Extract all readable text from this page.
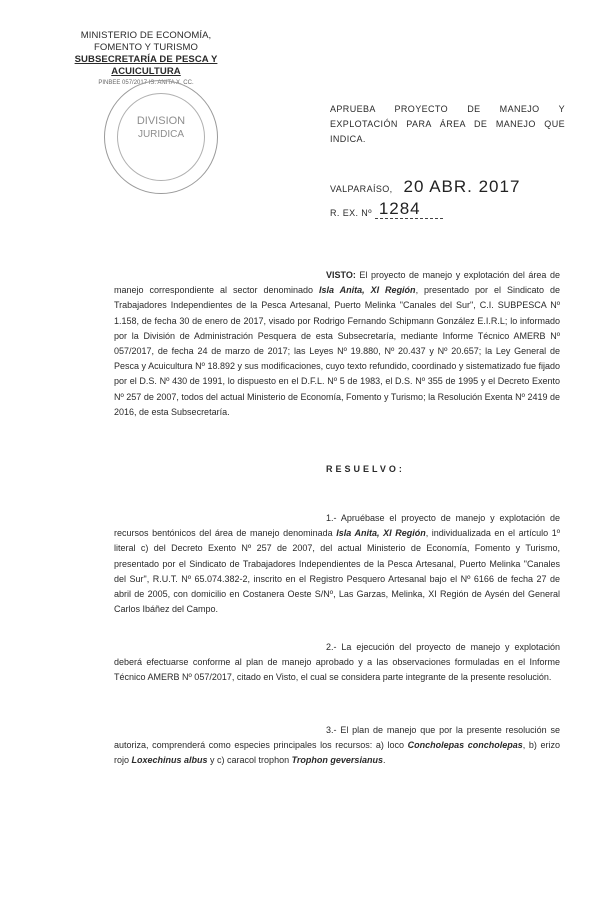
MINISTERIO DE ECONOMÍA,
FOMENTO Y TURISMO
SUBSECRETARÍA DE PESCA Y ACUICULTURA
PINBEE 057/2017 IS. ANITA X. CC.
DIVISION
JURIDICA
APRUEBA PROYECTO DE MANEJO Y EXPLOTACIÓN PARA ÁREA DE MANEJO QUE INDICA.
VALPARAÍSO, 20 ABR. 2017
R. EX. Nº 1284
VISTO: El proyecto de manejo y explotación del área de manejo correspondiente al sector denominado Isla Anita, XI Región, presentado por el Sindicato de Trabajadores Independientes de la Pesca Artesanal, Puerto Melinka "Canales del Sur", C.I. SUBPESCA Nº 1.158, de fecha 30 de enero de 2017, visado por Rodrigo Fernando Schipmann González E.I.R.L; lo informado por la División de Administración Pesquera de esta Subsecretaría, mediante Informe Técnico AMERB Nº 057/2017, de fecha 24 de marzo de 2017; las Leyes Nº 19.880, Nº 20.437 y Nº 20.657; la Ley General de Pesca y Acuicultura Nº 18.892 y sus modificaciones, cuyo texto refundido, coordinado y sistematizado fue fijado por el D.S. Nº 430 de 1991, lo dispuesto en el D.F.L. Nº 5 de 1983, el D.S. Nº 355 de 1995 y el Decreto Exento Nº 257 de 2007, todos del actual Ministerio de Economía, Fomento y Turismo; la Resolución Exenta Nº 2419 de 2016, de esta Subsecretaría.
RESUELVO:
1.- Apruébase el proyecto de manejo y explotación de recursos bentónicos del área de manejo denominada Isla Anita, XI Región, individualizada en el artículo 1º literal c) del Decreto Exento Nº 257 de 2007, del actual Ministerio de Economía, Fomento y Turismo, presentado por el Sindicato de Trabajadores Independientes de la Pesca Artesanal, Puerto Melinka "Canales del Sur", R.U.T. Nº 65.074.382-2, inscrito en el Registro Pesquero Artesanal bajo el Nº 6166 de fecha 27 de abril de 2005, con domicilio en Costanera Oeste S/Nº, Las Garzas, Melinka, XI Región de Aysén del General Carlos Ibáñez del Campo.
2.- La ejecución del proyecto de manejo y explotación deberá efectuarse conforme al plan de manejo aprobado y a las observaciones formuladas en el Informe Técnico AMERB Nº 057/2017, citado en Visto, el cual se considera parte integrante de la presente resolución.
3.- El plan de manejo que por la presente resolución se autoriza, comprenderá como especies principales los recursos: a) loco Concholepas concholepas, b) erizo rojo Loxechinus albus y c) caracol trophon Trophon geversianus.
